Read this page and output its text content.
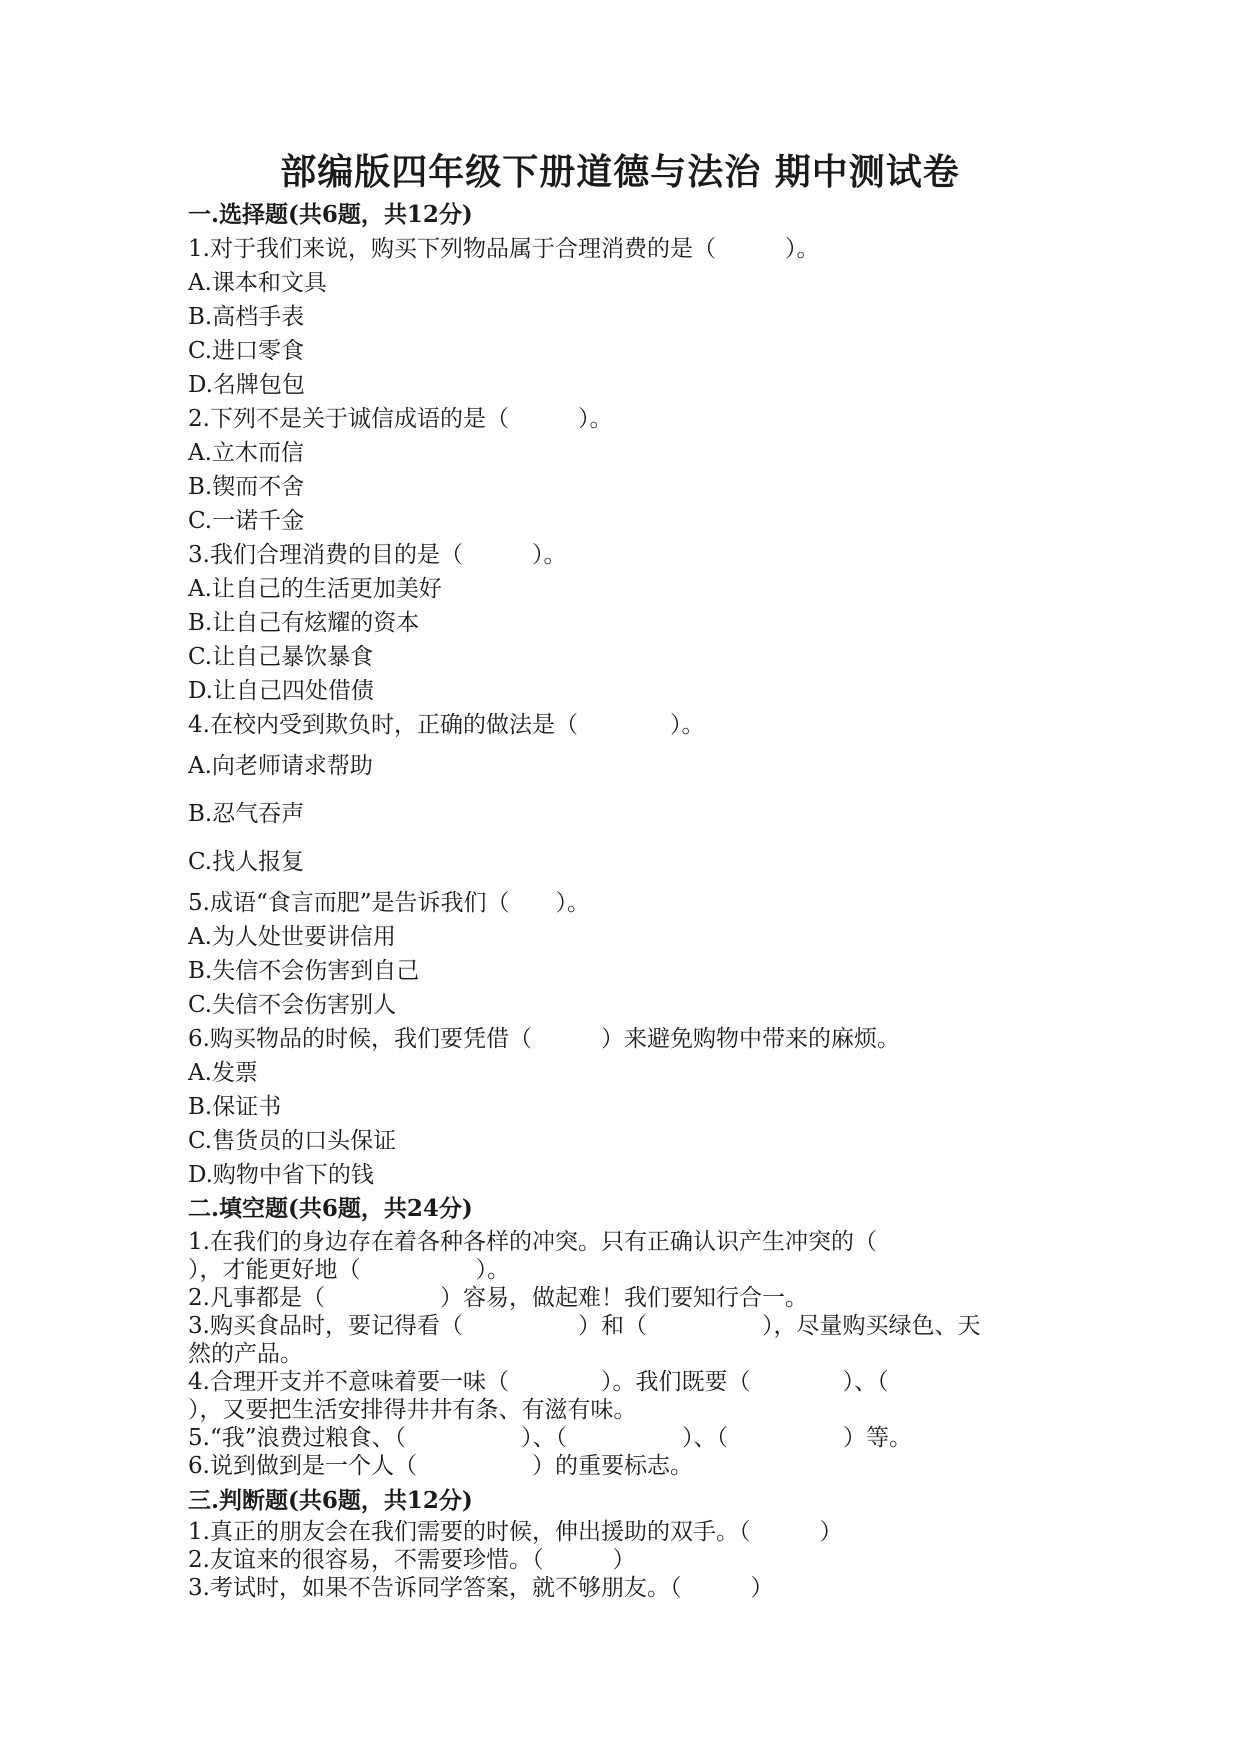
部编版四年级下册道德与法治 期中测试卷
一.选择题(共6题，共12分)
1.对于我们来说，购买下列物品属于合理消费的是（　　　）。
A.课本和文具
B.高档手表
C.进口零食
D.名牌包包
2.下列不是关于诚信成语的是（　　　）。
A.立木而信
B.锲而不舍
C.一诺千金
3.我们合理消费的目的是（　　　）。
A.让自己的生活更加美好
B.让自己有炫耀的资本
C.让自己暴饮暴食
D.让自己四处借债
4.在校内受到欺负时，正确的做法是（　　　　）。
A.向老师请求帮助
B.忍气吞声
C.找人报复
5.成语“食言而肥”是告诉我们（　　）。
A.为人处世要讲信用
B.失信不会伤害到自己
C.失信不会伤害别人
6.购买物品的时候，我们要凭借（　　　）来避免购物中带来的麻烦。
A.发票
B.保证书
C.售货员的口头保证
D.购物中省下的钱
二.填空题(共6题，共24分)
1.在我们的身边存在着各种各样的冲突。只有正确认识产生冲突的（
），才能更好地（　　　　　）。
2.凡事都是（　　　　　）容易，做起难！我们要知行合一。
3.购买食品时，要记得看（　　　　　）和（　　　　　），尽量购买绿色、天
然的产品。
4.合理开支并不意味着要一味（　　　　）。我们既要（　　　　）、（
），又要把生活安排得井井有条、有滋有味。
5.“我”浪费过粮食、（　　　　　）、（　　　　　）、（　　　　　）等。
6.说到做到是一个人（　　　　　）的重要标志。
三.判断题(共6题，共12分)
1.真正的朋友会在我们需要的时候，伸出援助的双手。（　　　）
2.友谊来的很容易，不需要珍惜。（　　　）
3.考试时，如果不告诉同学答案，就不够朋友。（　　　）
